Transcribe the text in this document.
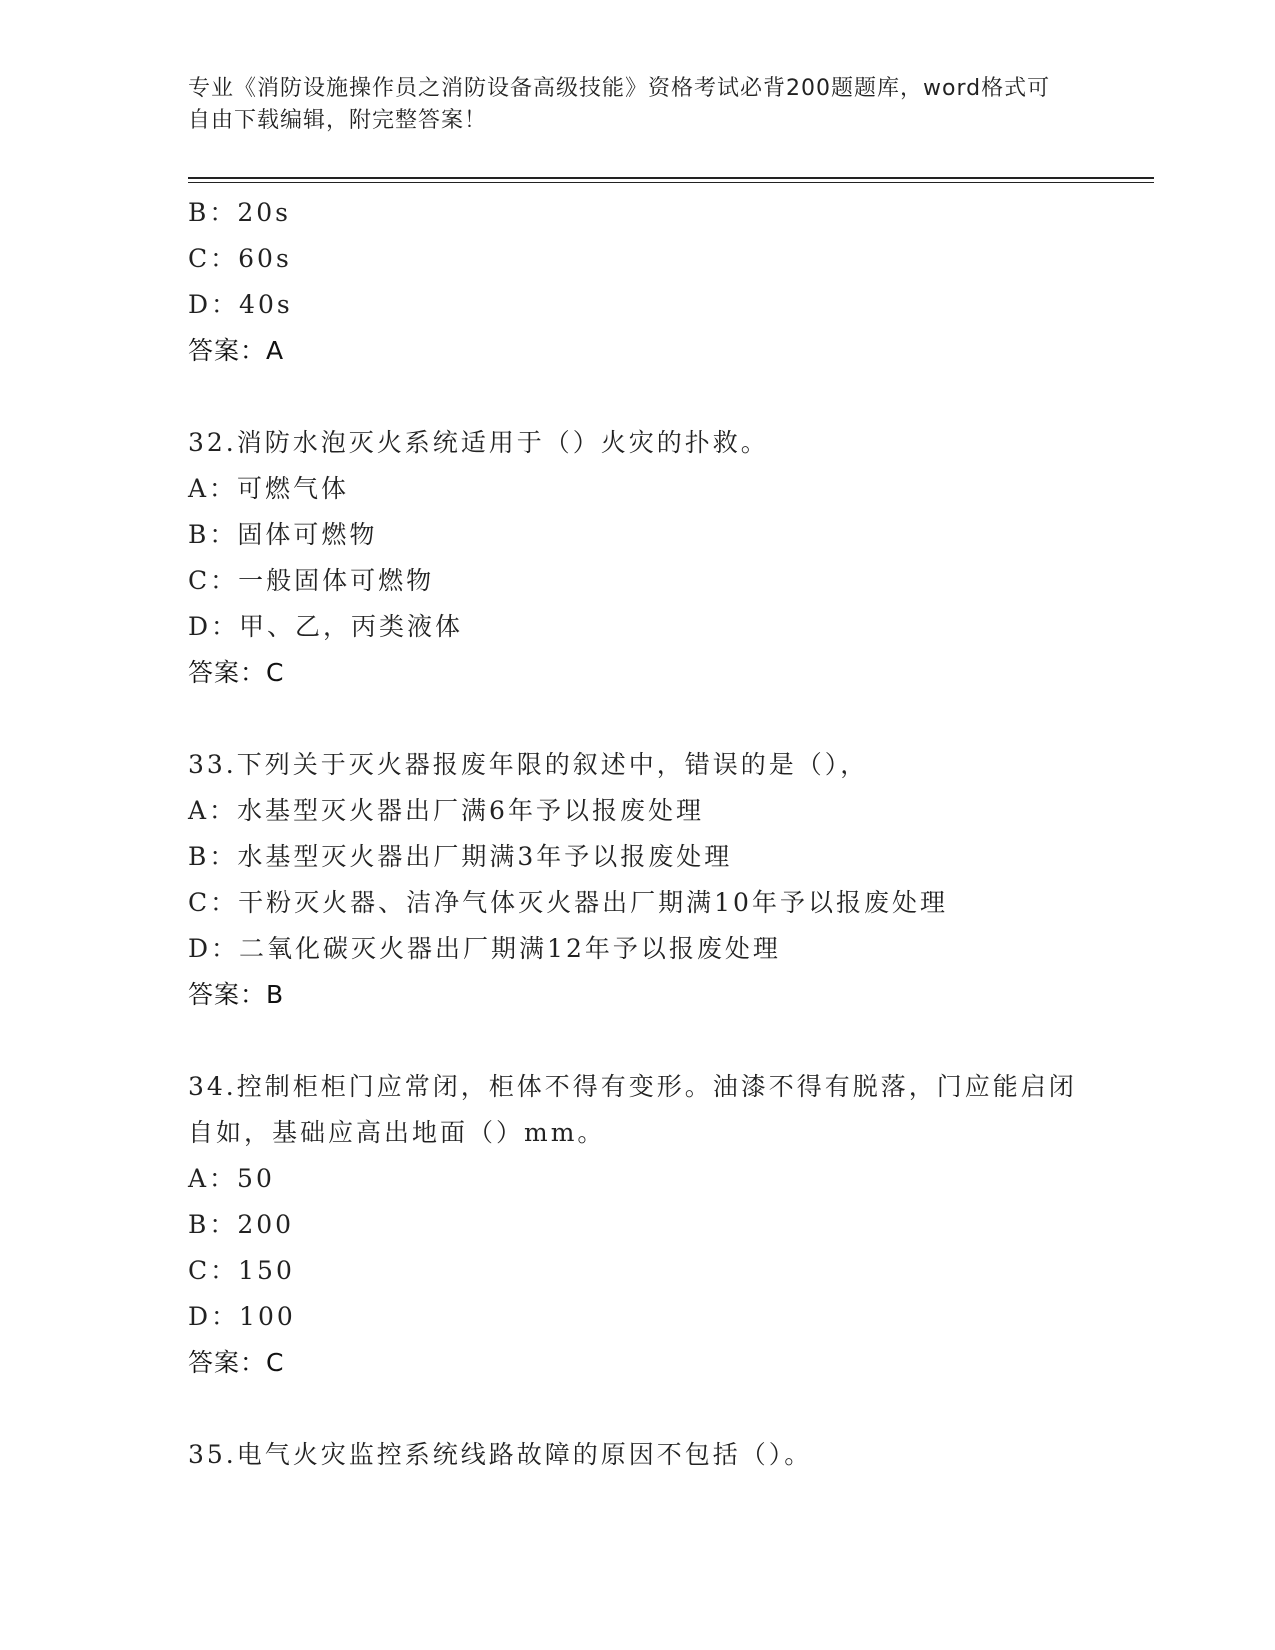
专业《消防设施操作员之消防设备高级技能》资格考试必背200题题库，word格式可自由下载编辑，附完整答案！
B：20s
C：60s
D：40s
答案：A
32.消防水泡灭火系统适用于（）火灾的扑救。
A：可燃气体
B：固体可燃物
C：一般固体可燃物
D：甲、乙，丙类液体
答案：C
33.下列关于灭火器报废年限的叙述中，错误的是（），
A：水基型灭火器出厂满6年予以报废处理
B：水基型灭火器出厂期满3年予以报废处理
C：干粉灭火器、洁净气体灭火器出厂期满10年予以报废处理
D：二氧化碳灭火器出厂期满12年予以报废处理
答案：B
34.控制柜柜门应常闭，柜体不得有变形。油漆不得有脱落，门应能启闭自如，基础应高出地面（）mm。
A：50
B：200
C：150
D：100
答案：C
35.电气火灾监控系统线路故障的原因不包括（）。
